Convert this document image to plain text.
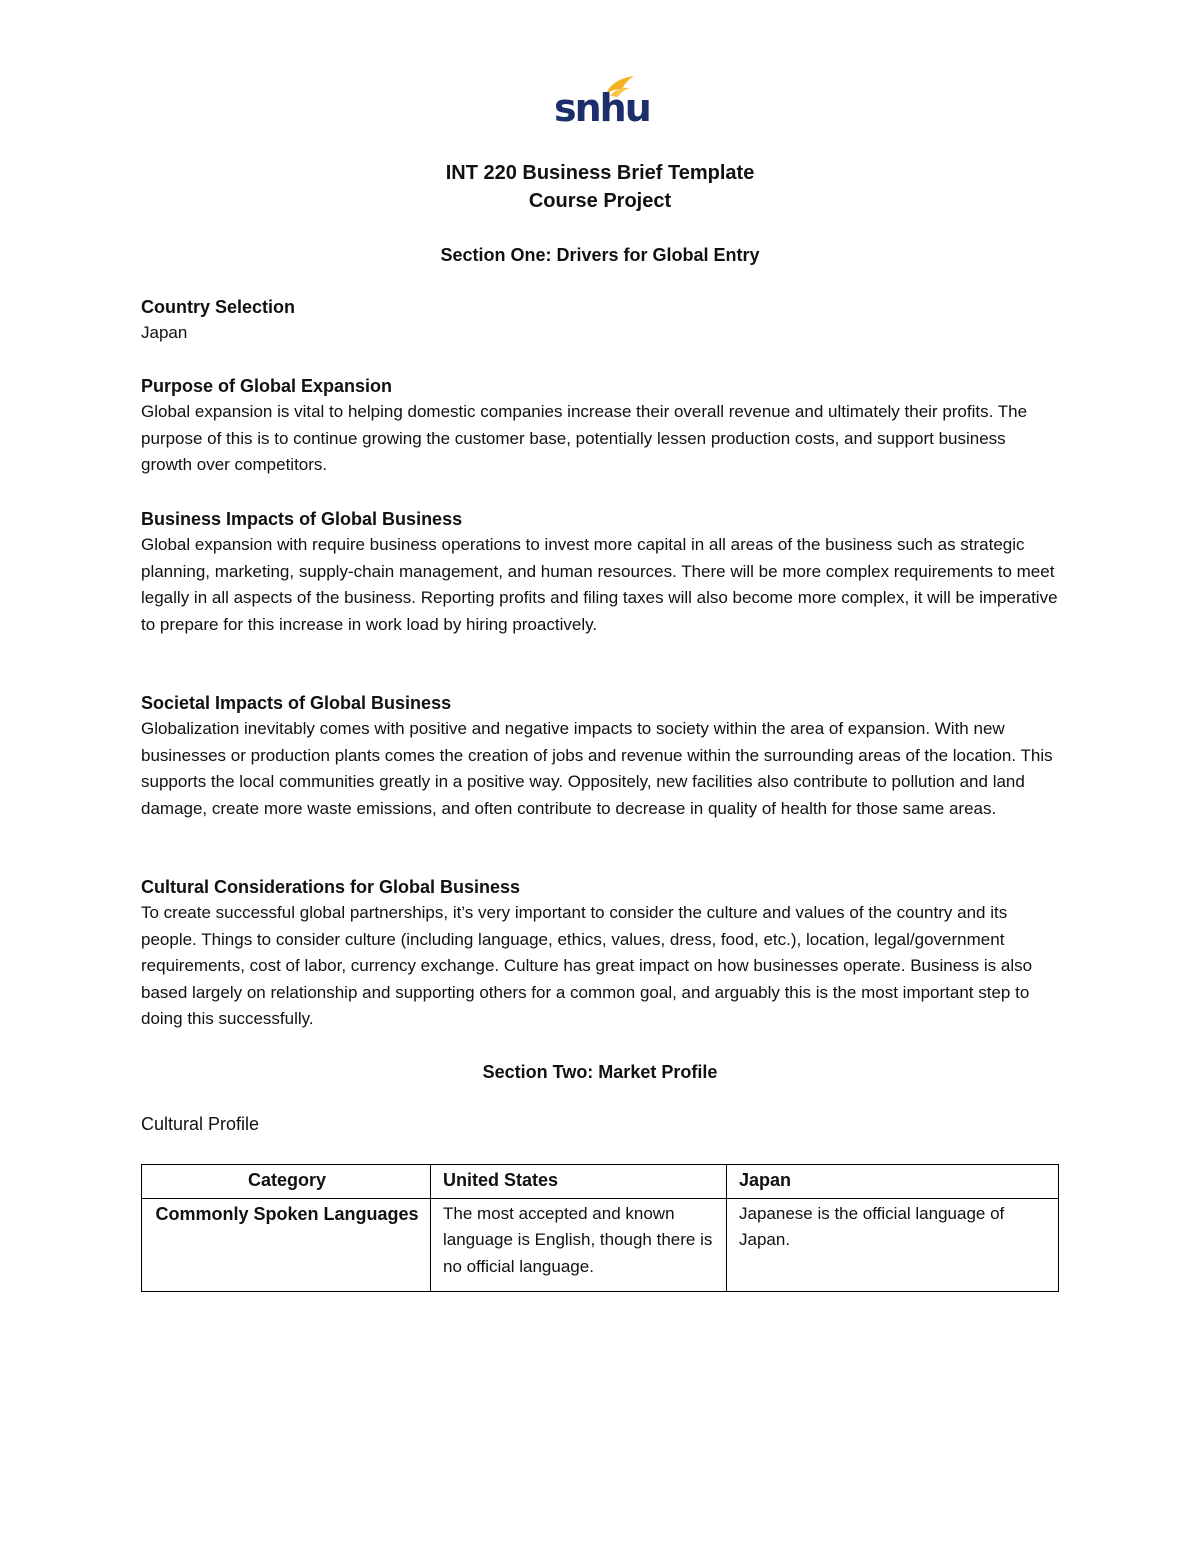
snhu
INT 220 Business Brief Template
Course Project
Section One: Drivers for Global Entry

Country Selection

Japan

Purpose of Global Expansion

Global expansion is vital to helping domestic companies increase their overall revenue and ultimately their profits. The purpose of this is to continue growing the customer base, potentially lessen production costs, and support business growth over competitors.

Business Impacts of Global Business

Global expansion with require business operations to invest more capital in all areas of the business such as strategic planning, marketing, supply-chain management, and human resources. There will be more complex requirements to meet legally in all aspects of the business. Reporting profits and filing taxes will also become more complex, it will be imperative to prepare for this increase in work load by hiring proactively.

Societal Impacts of Global Business

Globalization inevitably comes with positive and negative impacts to society within the area of expansion. With new businesses or production plants comes the creation of jobs and revenue within the surrounding areas of the location. This supports the local communities greatly in a positive way. Oppositely, new facilities also contribute to pollution and land damage, create more waste emissions, and often contribute to decrease in quality of health for those same areas.

Cultural Considerations for Global Business

To create successful global partnerships, it’s very important to consider the culture and values of the country and its people. Things to consider culture (including language, ethics, values, dress, food, etc.), location, legal/government requirements, cost of labor, currency exchange. Culture has great impact on how businesses operate. Business is also based largely on relationship and supporting others for a common goal, and arguably this is the most important step to doing this successfully.

Section Two: Market Profile

Cultural Profile

Category	United States	Japan
Commonly Spoken Languages	The most accepted and known language is English, though there is no official language.	Japanese is the official language of Japan.
